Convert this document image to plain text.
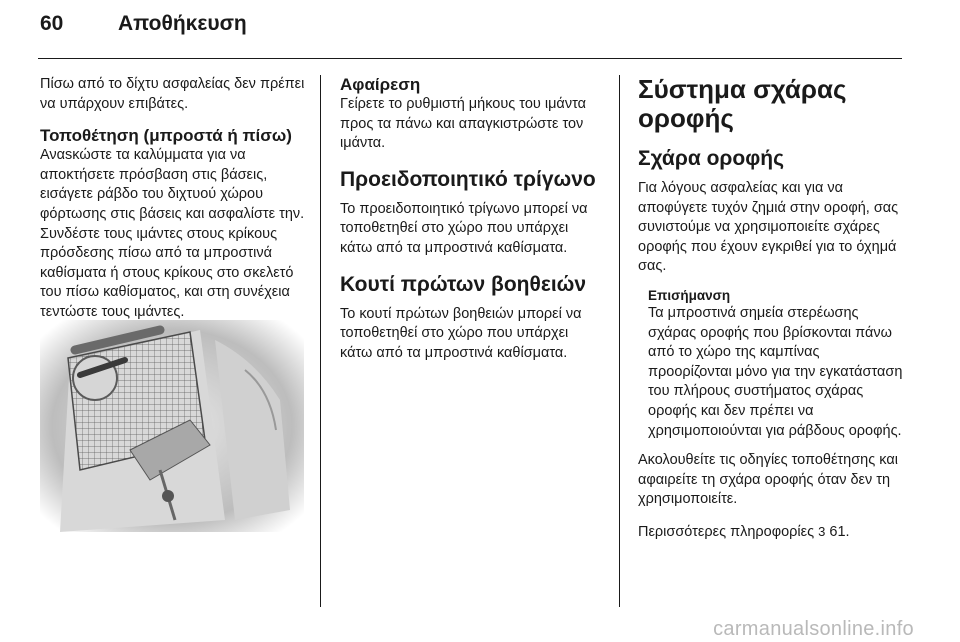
60	Αποθήκευση

Πίσω από το δίχτυ ασφαλείας δεν πρέπει να υπάρχουν επιβάτες.

Τοποθέτηση (μπροστά ή πίσω)

Αναsκώστε τα καλύμματα για να αποκτήσετε πρόσβαση στις βάσεις, εισάγετε ράβδο του διχτυού χώρου φόρτωσης στις βάσεις και ασφαλίστε την. Συνδέστε τους ιμάντες στους κρίκους πρόσδεσης πίσω από τα μπροστινά καθίσματα ή στους κρίκους στο σκελετό του πίσω καθίσματος, και στη συνέχεια τεντώστε τους ιμάντες.

Αφαίρεση

Γείρετε το ρυθμιστή μήκους του ιμάντα προς τα πάνω και απαγκιστρώστε τον ιμάντα.

Προειδοποιητικό τρίγωνο

Το προειδοποιητικό τρίγωνο μπορεί να τοποθετηθεί στο χώρο που υπάρχει κάτω από τα μπροστινά καθίσματα.

Κουτί πρώτων βοηθειών

Το κουτί πρώτων βοηθειών μπορεί να τοποθετηθεί στο χώρο που υπάρχει κάτω από τα μπροστινά καθίσματα.

Σύστημα σχάρας οροφής
Σχάρα οροφής

Για λόγους ασφαλείας και για να αποφύγετε τυχόν ζημιά στην οροφή, σας συνιστούμε να χρησιμοποιείτε σχάρες οροφής που έχουν εγκριθεί για το όχημά σας.

Επισήμανση

Τα μπροστινά σημεία στερέωσης σχάρας οροφής που βρίσκονται πάνω από το χώρο της καμπίνας προορίζονται μόνο για την εγκατάσταση του πλήρους συστήματος σχάρας οροφής και δεν πρέπει να χρησιμοποιούνται για ράβδους οροφής.

Ακολουθείτε τις οδηγίες τοποθέτησης και αφαιρείτε τη σχάρα οροφής όταν δεν τη χρησιμοποιείτε.

Περισσότερες πληροφορίες 3 61.

carmanualsonline.info
